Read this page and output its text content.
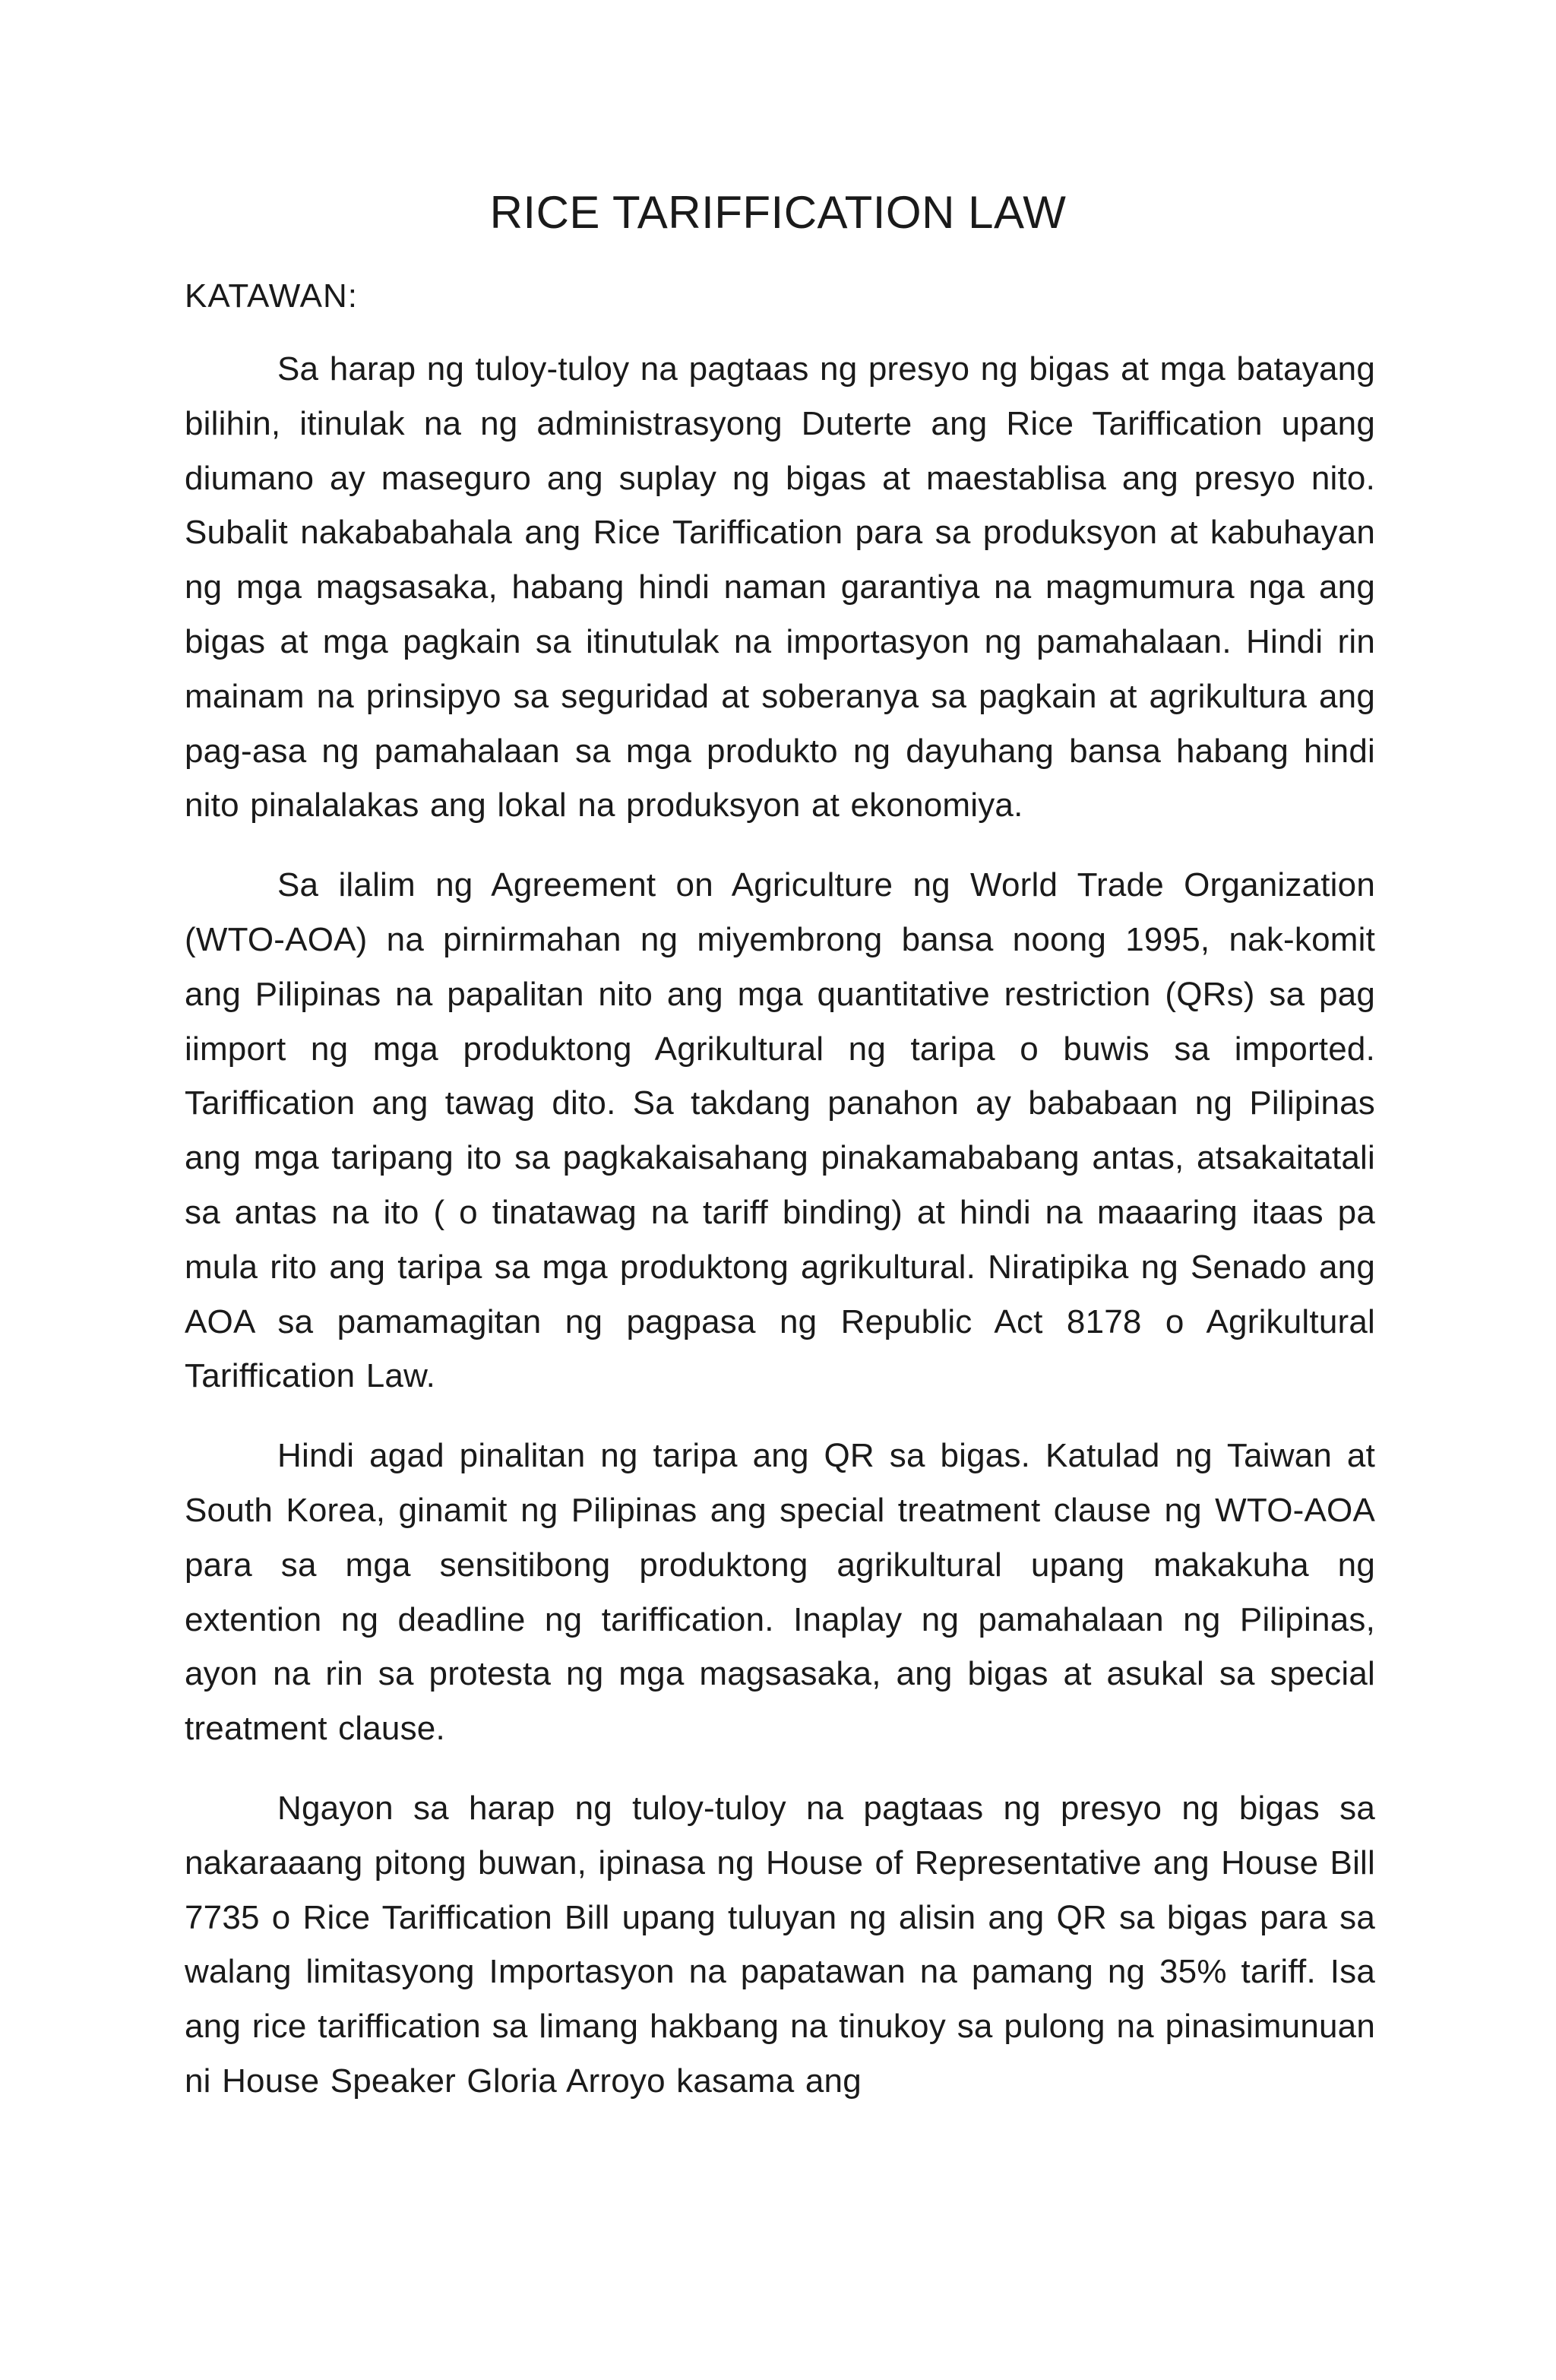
RICE TARIFFICATION LAW
KATAWAN:

Sa harap ng tuloy-tuloy na pagtaas ng presyo ng bigas at mga batayang bilihin, itinulak na ng administrasyong Duterte ang Rice Tariffication upang diumano ay maseguro ang suplay ng bigas at maestablisa ang presyo nito. Subalit nakababahala ang Rice Tariffication para sa produksyon at kabuhayan ng mga magsasaka, habang hindi naman garantiya na magmumura nga ang bigas at mga pagkain sa itinutulak na importasyon ng pamahalaan. Hindi rin mainam na prinsipyo sa seguridad at soberanya sa pagkain at agrikultura ang pag-asa ng pamahalaan sa mga produkto ng dayuhang bansa habang hindi nito pinalalakas ang lokal na produksyon at ekonomiya.

Sa ilalim ng Agreement on Agriculture ng World Trade Organization (WTO-AOA) na pirnirmahan ng miyembrong bansa noong 1995, nak-komit ang Pilipinas na papalitan nito ang mga quantitative restriction (QRs) sa pag iimport ng mga produktong Agrikultural ng taripa o buwis sa imported. Tariffication ang tawag dito. Sa takdang panahon ay bababaan ng Pilipinas ang mga taripang ito sa pagkakaisahang pinakamababang antas, atsakaitatali sa antas na ito ( o tinatawag na tariff binding) at hindi na maaaring itaas pa mula rito ang taripa sa mga produktong agrikultural. Niratipika ng Senado ang AOA sa pamamagitan ng pagpasa ng Republic Act 8178 o Agrikultural Tariffication Law.

Hindi agad pinalitan ng taripa ang QR sa bigas. Katulad ng Taiwan at South Korea, ginamit ng Pilipinas ang special treatment clause ng WTO-AOA para sa mga sensitibong produktong agrikultural upang makakuha ng extention ng deadline ng tariffication. Inaplay ng pamahalaan ng Pilipinas, ayon na rin sa protesta ng mga magsasaka, ang bigas at asukal sa special treatment clause.

Ngayon sa harap ng tuloy-tuloy na pagtaas ng presyo ng bigas sa nakaraaang pitong buwan, ipinasa ng House of Representative ang House Bill 7735 o Rice Tariffication Bill upang tuluyan ng alisin ang QR sa bigas para sa walang limitasyong Importasyon na papatawan na pamang ng 35% tariff. Isa ang rice tariffication sa limang hakbang na tinukoy sa pulong na pinasimunuan ni House Speaker Gloria Arroyo kasama ang
